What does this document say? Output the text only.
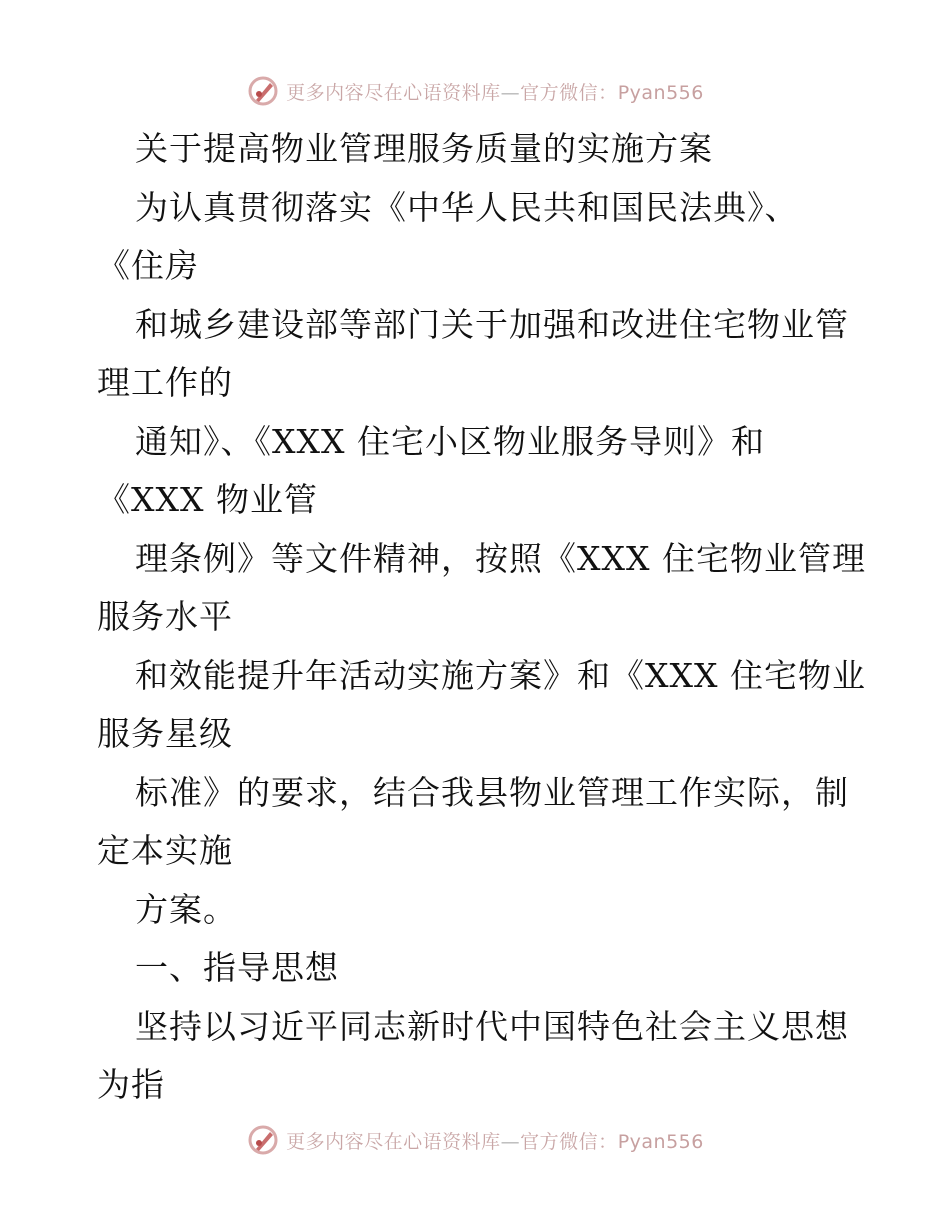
更多内容尽在心语资料库—官方微信：Pyan556
关于提高物业管理服务质量的实施方案
为认真贯彻落实《中华人民共和国民法典》、
《住房
和城乡建设部等部门关于加强和改进住宅物业管
理工作的
通知》、《XXX 住宅小区物业服务导则》和
《XXX 物业管
理条例》等文件精神，按照《XXX 住宅物业管理
服务水平
和效能提升年活动实施方案》和《XXX 住宅物业
服务星级
标准》的要求，结合我县物业管理工作实际，制
定本实施
方案。
一、指导思想
坚持以习近平同志新时代中国特色社会主义思想
为指
更多内容尽在心语资料库—官方微信：Pyan556
